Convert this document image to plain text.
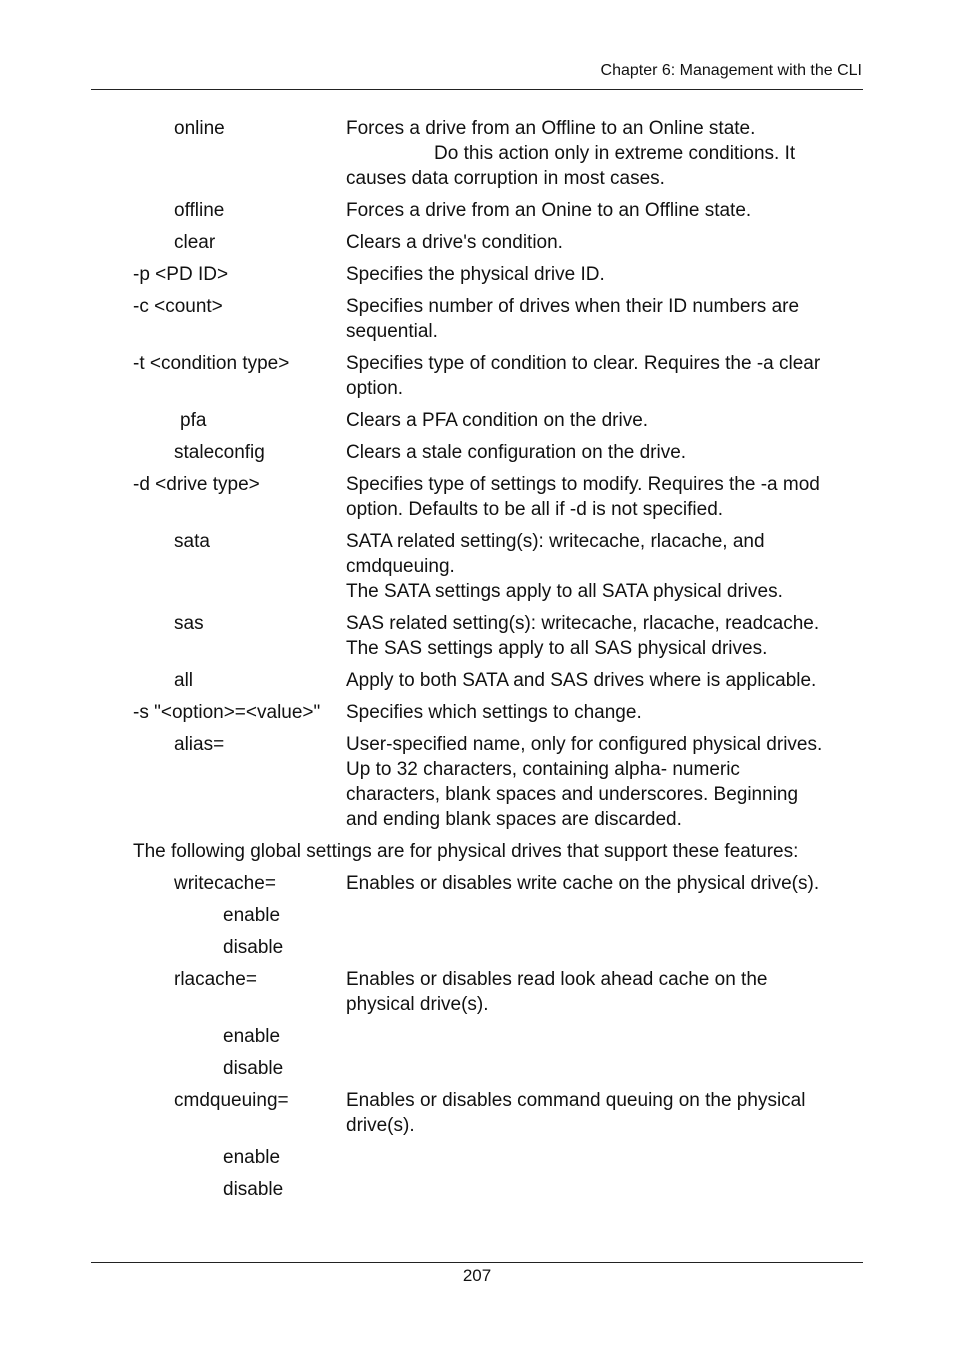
Chapter 6: Management with the CLI
online	Forces a drive from an Offline to an Online state.
Do this action only in extreme conditions. It
causes data corruption in most cases.
offline	Forces a drive from an Onine to an Offline state.
clear	Clears a drive's condition.
-p <PD ID>	Specifies the physical drive ID.
-c <count>	Specifies number of drives when their ID numbers are
sequential.
-t <condition type>	Specifies type of condition to clear. Requires the -a clear
option.
pfa	Clears a PFA condition on the drive.
staleconfig	Clears a stale configuration on the drive.
-d <drive type>	Specifies type of settings to modify. Requires the -a mod
option. Defaults to be all if -d is not specified.
sata	SATA related setting(s): writecache, rlacache, and
cmdqueuing.
The SATA settings apply to all SATA physical drives.
sas	SAS related setting(s): writecache, rlacache, readcache.
The SAS settings apply to all SAS physical drives.
all	Apply to both SATA and SAS drives where is applicable.
-s "<option>=<value>" Specifies which settings to change.
alias=	User-specified name, only for configured physical drives.
Up to 32 characters, containing alpha- numeric
characters, blank spaces and underscores. Beginning
and ending blank spaces are discarded.
The following global settings are for physical drives that support these features:
writecache=	Enables or disables write cache on the physical drive(s).
enable
disable
rlacache=	Enables or disables read look ahead cache on the
physical drive(s).
enable
disable
cmdqueuing=	Enables or disables command queuing on the physical
drive(s).
enable
disable
207
